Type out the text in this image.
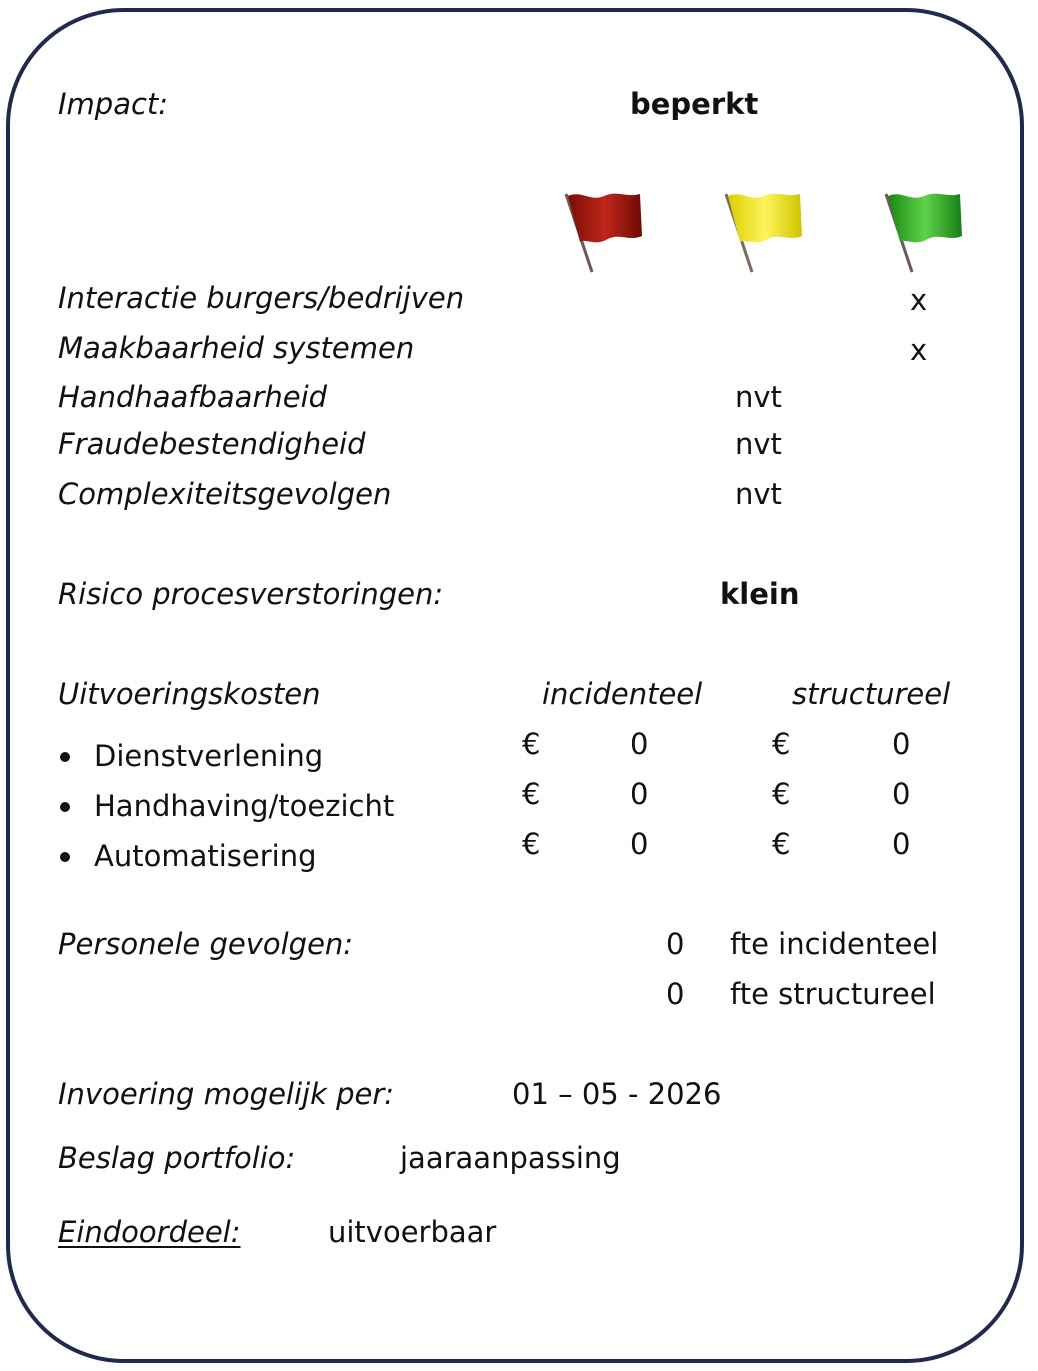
Impact:	beperkt
Interactie burgers/bedrijven	x
Maakbaarheid systemen	x
Handhaafbaarheid	nvt
Fraudebestendigheid	nvt
Complexiteitsgevolgen	nvt
Risico procesverstoringen:	klein
Uitvoeringskosten	incidenteel	structureel
Dienstverlening	€	0	€	0
Handhaving/toezicht	€	0	€	0
Automatisering	€	0	€	0
Personele gevolgen:	0 fte incidenteel
0 fte structureel
Invoering mogelijk per:	01 – 05 - 2026
Beslag portfolio:	jaaraanpassing
Eindoordeel:	uitvoerbaar
